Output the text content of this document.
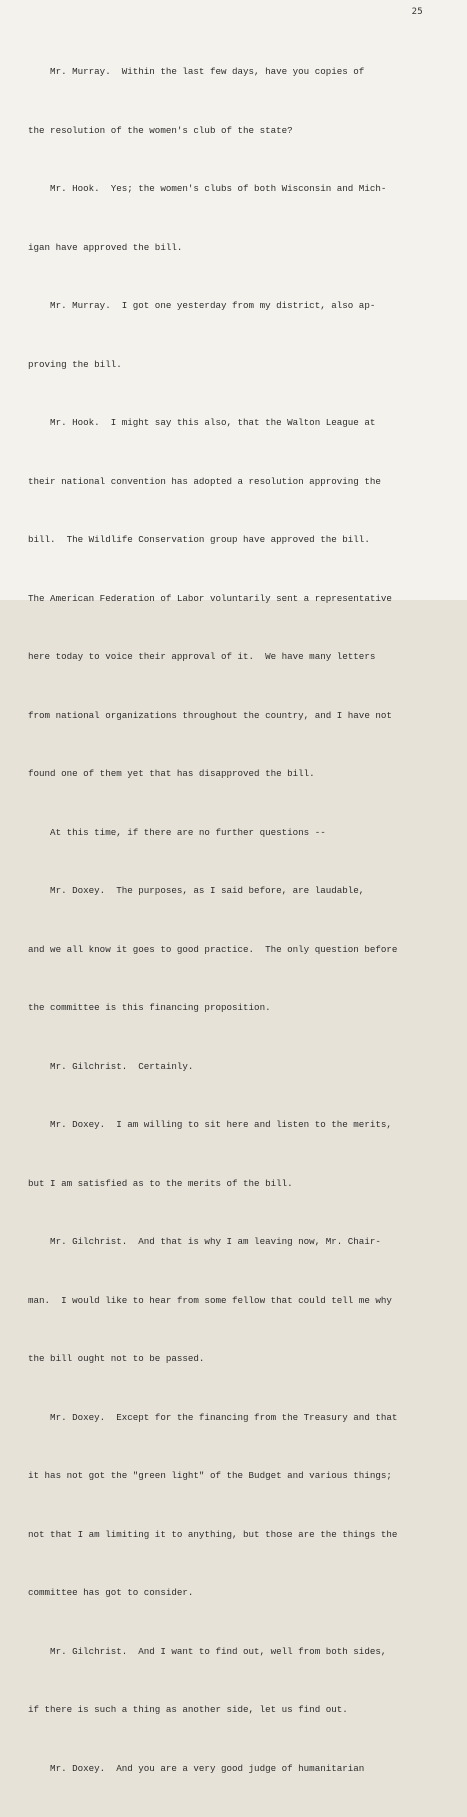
25

Mr. Murray.  Within the last few days, have you copies of

the resolution of the women's club of the state?

Mr. Hook.  Yes; the women's clubs of both Wisconsin and Mich-

igan have approved the bill.

Mr. Murray.  I got one yesterday from my district, also ap-

proving the bill.

Mr. Hook.  I might say this also, that the Walton League at

their national convention has adopted a resolution approving the

bill.  The Wildlife Conservation group have approved the bill.

The American Federation of Labor voluntarily sent a representative

here today to voice their approval of it.  We have many letters

from national organizations throughout the country, and I have not

found one of them yet that has disapproved the bill.

At this time, if there are no further questions --

Mr. Doxey.  The purposes, as I said before, are laudable,

and we all know it goes to good practice.  The only question before

the committee is this financing proposition.

Mr. Gilchrist.  Certainly.

Mr. Doxey.  I am willing to sit here and listen to the merits,

but I am satisfied as to the merits of the bill.

Mr. Gilchrist.  And that is why I am leaving now, Mr. Chair-

man.  I would like to hear from some fellow that could tell me why

the bill ought not to be passed.

Mr. Doxey.  Except for the financing from the Treasury and that

it has not got the "green light" of the Budget and various things;

not that I am limiting it to anything, but those are the things the

committee has got to consider.

Mr. Gilchrist.  And I want to find out, well from both sides,

if there is such a thing as another side, let us find out.

Mr. Doxey.  And you are a very good judge of humanitarian
